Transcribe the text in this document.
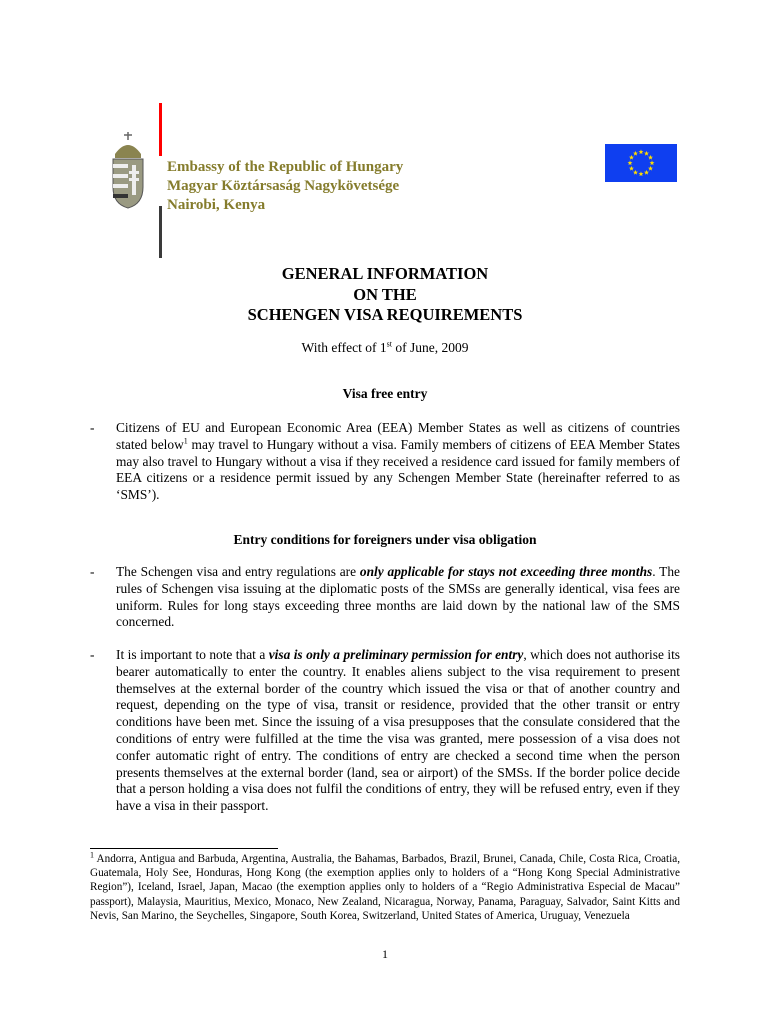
Embassy of the Republic of Hungary
Magyar Köztársaság Nagykövetsége
Nairobi, Kenya
GENERAL INFORMATION
ON THE
SCHENGEN VISA REQUIREMENTS
With effect of 1st of June, 2009
Visa free entry
- Citizens of EU and European Economic Area (EEA) Member States as well as citizens of countries stated below$^1$ may travel to Hungary without a visa. Family members of citizens of EEA Member States may also travel to Hungary without a visa if they received a residence card issued for family members of EEA citizens or a residence permit issued by any Schengen Member State (hereinafter referred to as ‘SMS’).
Entry conditions for foreigners under visa obligation
- The Schengen visa and entry regulations are only applicable for stays not exceeding three months. The rules of Schengen visa issuing at the diplomatic posts of the SMSs are generally identical, visa fees are uniform. Rules for long stays exceeding three months are laid down by the national law of the SMS concerned.
- It is important to note that a visa is only a preliminary permission for entry, which does not authorise its bearer automatically to enter the country. It enables aliens subject to the visa requirement to present themselves at the external border of the country which issued the visa or that of another country and request, depending on the type of visa, transit or residence, provided that the other transit or entry conditions have been met. Since the issuing of a visa presupposes that the consulate considered that the conditions of entry were fulfilled at the time the visa was granted, mere possession of a visa does not confer automatic right of entry. The conditions of entry are checked a second time when the person presents themselves at the external border (land, sea or airport) of the SMSs. If the border police decide that a person holding a visa does not fulfil the conditions of entry, they will be refused entry, even if they have a visa in their passport.
$^1$ Andorra, Antigua and Barbuda, Argentina, Australia, the Bahamas, Barbados, Brazil, Brunei, Canada, Chile, Costa Rica, Croatia, Guatemala, Holy See, Honduras, Hong Kong (the exemption applies only to holders of a “Hong Kong Special Administrative Region”), Iceland, Israel, Japan, Macao (the exemption applies only to holders of a “Regio Administrativa Especial de Macau” passport), Malaysia, Mauritius, Mexico, Monaco, New Zealand, Nicaragua, Norway, Panama, Paraguay, Salvador, Saint Kitts and Nevis, San Marino, the Seychelles, Singapore, South Korea, Switzerland, United States of America, Uruguay, Venezuela
1
